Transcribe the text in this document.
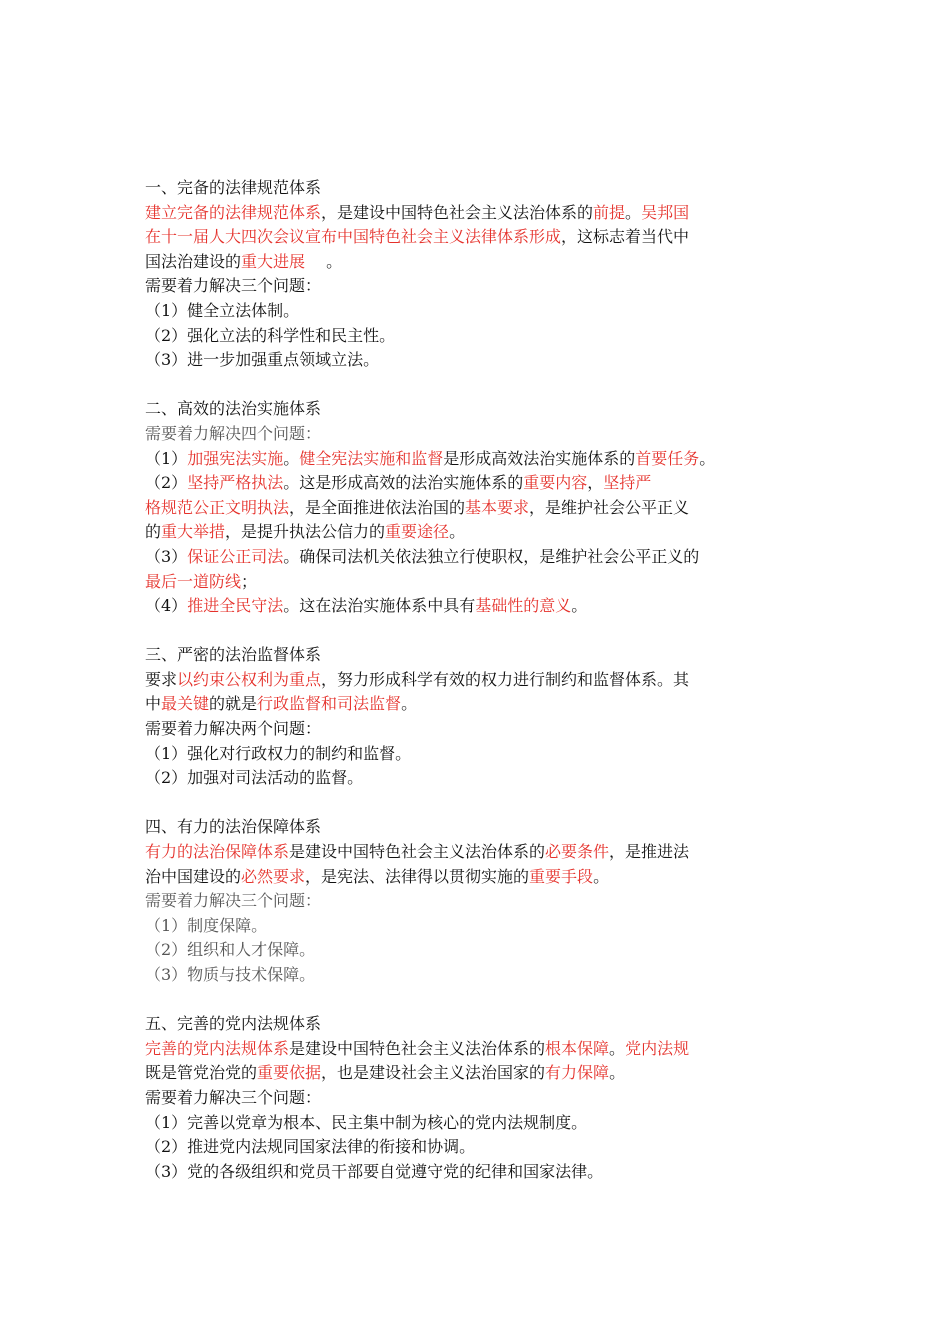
一、完备的法律规范体系
建立完备的法律规范体系，是建设中国特色社会主义法治体系的前提。吴邦国
在十一届人大四次会议宣布中国特色社会主义法律体系形成，这标志着当代中
国法治建设的重大进展　 。
需要着力解决三个问题：
（1）健全立法体制。
（2）强化立法的科学性和民主性。
（3）进一步加强重点领域立法。
二、高效的法治实施体系
需要着力解决四个问题：
（1）加强宪法实施。健全宪法实施和监督是形成高效法治实施体系的首要任务。
（2）坚持严格执法。这是形成高效的法治实施体系的重要内容，坚持严
格规范公正文明执法，是全面推进依法治国的基本要求，是维护社会公平正义
的重大举措，是提升执法公信力的重要途径。
（3）保证公正司法。确保司法机关依法独立行使职权，是维护社会公平正义的
最后一道防线；
（4）推进全民守法。这在法治实施体系中具有基础性的意义。
三、严密的法治监督体系
要求以约束公权利为重点，努力形成科学有效的权力进行制约和监督体系。其
中最关键的就是行政监督和司法监督。
需要着力解决两个问题：
（1）强化对行政权力的制约和监督。
（2）加强对司法活动的监督。
四、有力的法治保障体系
有力的法治保障体系是建设中国特色社会主义法治体系的必要条件，是推进法
治中国建设的必然要求，是宪法、法律得以贯彻实施的重要手段。
需要着力解决三个问题：
（1）制度保障。
（2）组织和人才保障。
（3）物质与技术保障。
五、完善的党内法规体系
完善的党内法规体系是建设中国特色社会主义法治体系的根本保障。党内法规
既是管党治党的重要依据，也是建设社会主义法治国家的有力保障。
需要着力解决三个问题：
（1）完善以党章为根本、民主集中制为核心的党内法规制度。
（2）推进党内法规同国家法律的衔接和协调。
（3）党的各级组织和党员干部要自觉遵守党的纪律和国家法律。
